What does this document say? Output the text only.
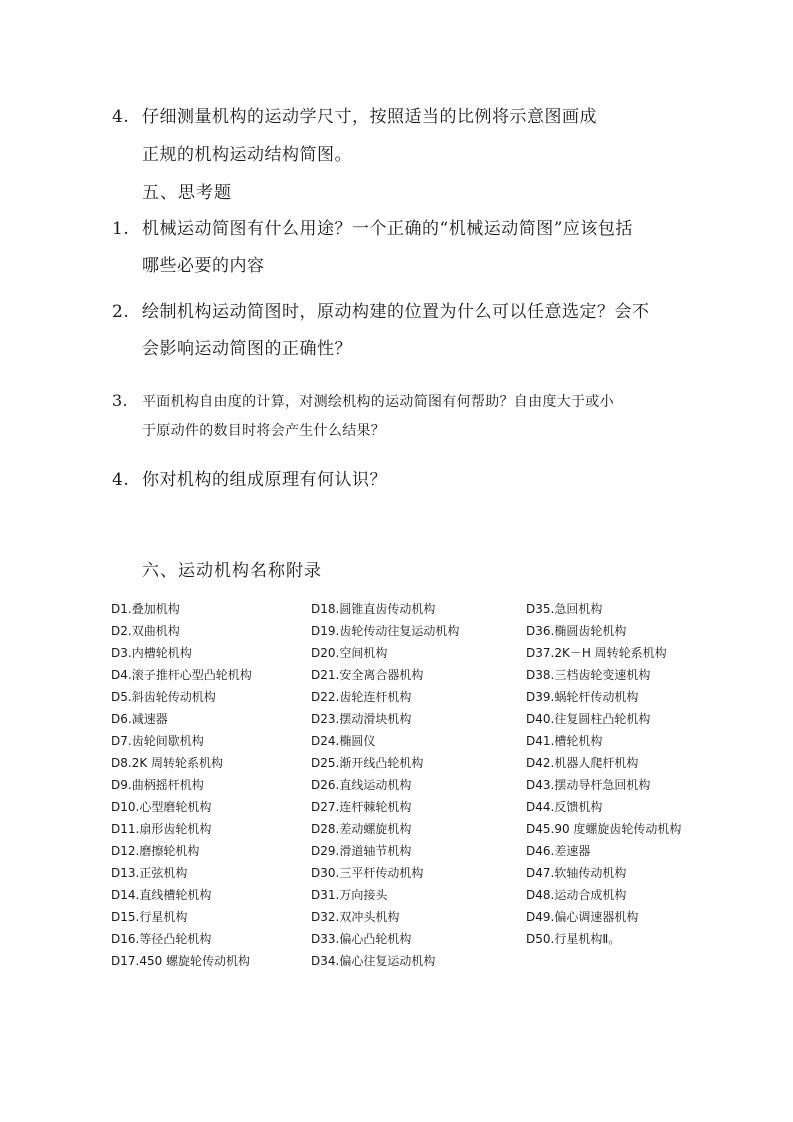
4. 仔细测量机构的运动学尺寸，按照适当的比例将示意图画成
正规的机构运动结构简图。
五、思考题
1. 机械运动简图有什么用途？一个正确的“机械运动简图”应该包括
哪些必要的内容
2. 绘制机构运动简图时，原动构建的位置为什么可以任意选定？会不
会影响运动简图的正确性？
3. 平面机构自由度的计算，对测绘机构的运动简图有何帮助？自由度大于或小
于原动件的数目时将会产生什么结果？
4. 你对机构的组成原理有何认识？
六、运动机构名称附录
D1.叠加机构
D2.双曲机构
D3.内槽轮机构
D4.滚子推杆心型凸轮机构
D5.斜齿轮传动机构
D6.减速器
D7.齿轮间歇机构
D8.2K 周转轮系机构
D9.曲柄摇杆机构
D10.心型磨轮机构
D11.扇形齿轮机构
D12.磨擦轮机构
D13.正弦机构
D14.直线槽轮机构
D15.行星机构
D16.等径凸轮机构
D17.450 螺旋轮传动机构
D18.圆锥直齿传动机构
D19.齿轮传动往复运动机构
D20.空间机构
D21.安全离合器机构
D22.齿轮连杆机构
D23.摆动滑块机构
D24.椭圆仪
D25.渐开线凸轮机构
D26.直线运动机构
D27.连杆棘轮机构
D28.差动螺旋机构
D29.滑道轴节机构
D30.三平杆传动机构
D31.万向接头
D32.双冲头机构
D33.偏心凸轮机构
D34.偏心往复运动机构
D35.急回机构
D36.椭圆齿轮机构
D37.2K－H 周转轮系机构
D38.三档齿轮变速机构
D39.蜗轮杆传动机构
D40.往复圆柱凸轮机构
D41.槽轮机构
D42.机器人爬杆机构
D43.摆动导杆急回机构
D44.反馈机构
D45.90 度螺旋齿轮传动机构
D46.差速器
D47.软轴传动机构
D48.运动合成机构
D49.偏心调速器机构
D50.行星机构Ⅱ。
